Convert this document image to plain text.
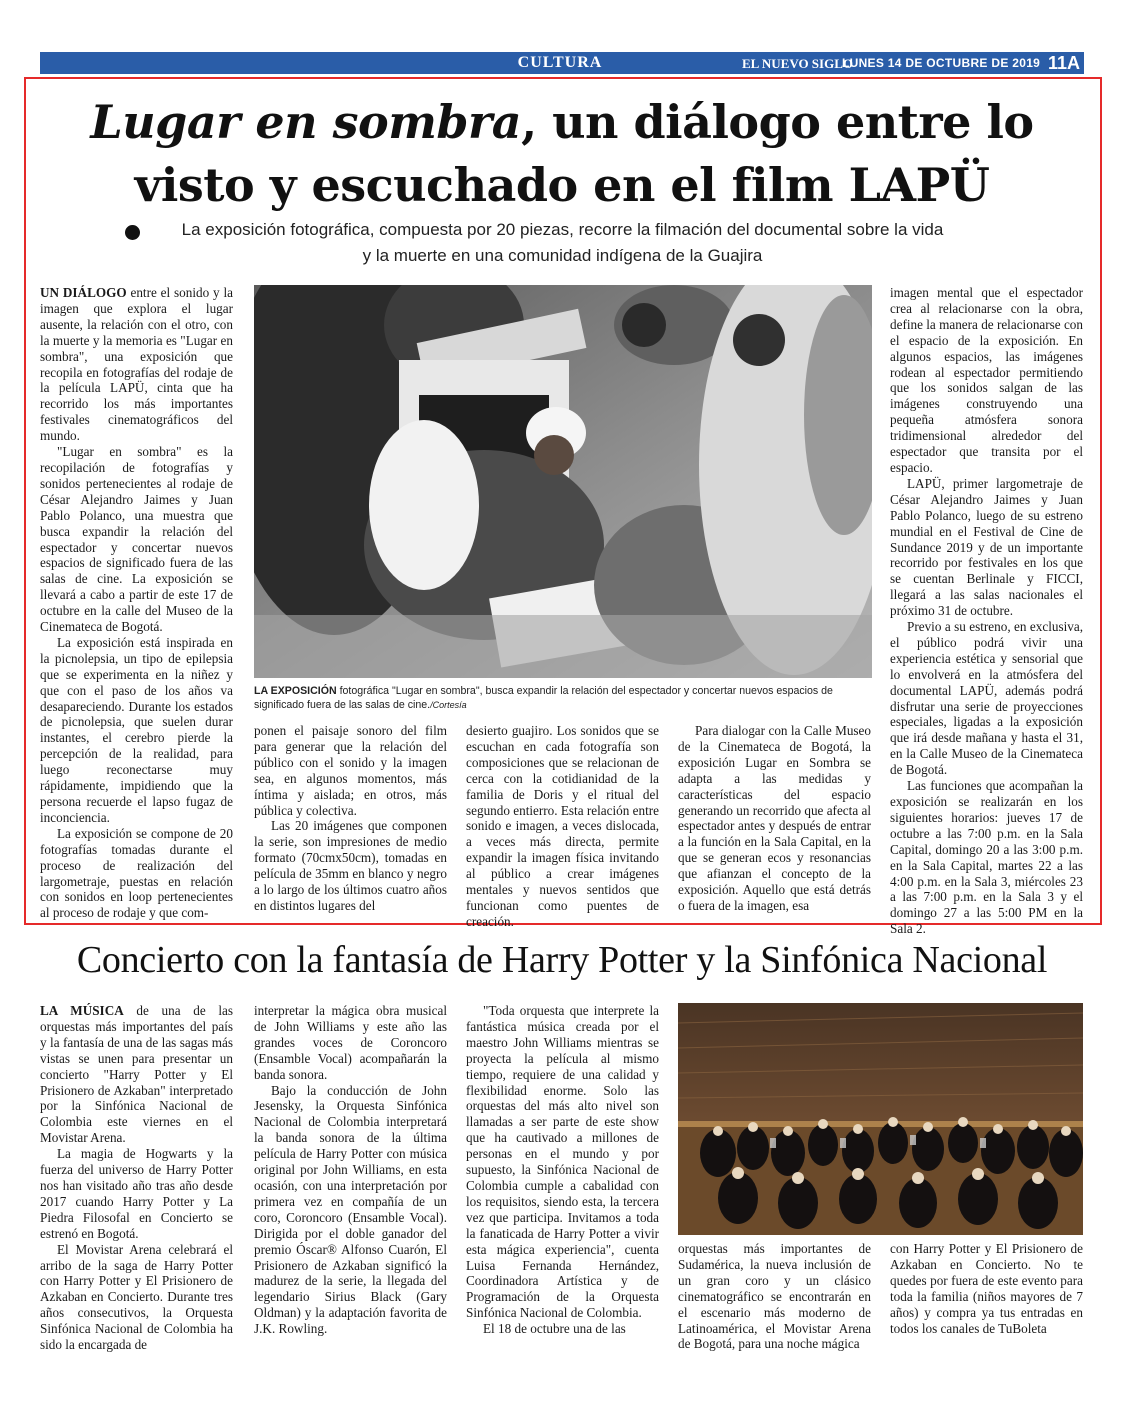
CULTURA	EL NUEVO SIGLO
LUNES 14 DE OCTUBRE DE 2019 11A
Lugar en sombra, un diálogo entre lo
visto y escuchado en el film LAPÜ
La exposición fotográfica, compuesta por 20 piezas, recorre la filmación del documental sobre la vida
y la muerte en una comunidad indígena de la Guajira

UN DIÁLOGO entre el sonido y la imagen que explora el lugar ausente, la relación con el otro, con la muerte y la memoria es "Lugar en sombra", una exposición que recopila en fotografías del rodaje de la película LAPÜ, cinta que ha recorrido los más importantes festivales cinematográficos del mundo.

"Lugar en sombra" es la recopilación de fotografías y sonidos pertenecientes al rodaje de César Alejandro Jaimes y Juan Pablo Polanco, una muestra que busca expandir la relación del espectador y concertar nuevos espacios de significado fuera de las salas de cine. La exposición se llevará a cabo a partir de este 17 de octubre en la calle del Museo de la Cinemateca de Bogotá.

La exposición está inspirada en la picnolepsia, un tipo de epilepsia que se experimenta en la niñez y que con el paso de los años va desapareciendo. Durante los estados de picnolepsia, que suelen durar instantes, el cerebro pierde la percepción de la realidad, para luego reconectarse muy rápidamente, impidiendo que la persona recuerde el lapso fugaz de inconciencia.

La exposición se compone de 20 fotografías tomadas durante el proceso de realización del largometraje, puestas en relación con sonidos en loop pertenecientes al proceso de rodaje y que com-

LA EXPOSICIÓN fotográfica "Lugar en sombra", busca expandir la relación del espectador y concertar nuevos espacios de significado fuera de las salas de cine./Cortesía

ponen el paisaje sonoro del film para generar que la relación del público con el sonido y la imagen sea, en algunos momentos, más íntima y aislada; en otros, más pública y colectiva.

Las 20 imágenes que componen la serie, son impresiones de medio formato (70cmx50cm), tomadas en película de 35mm en blanco y negro a lo largo de los últimos cuatro años en distintos lugares del

desierto guajiro. Los sonidos que se escuchan en cada fotografía son composiciones que se relacionan de cerca con la cotidianidad de la familia de Doris y el ritual del segundo entierro. Esta relación entre sonido e imagen, a veces dislocada, a veces más directa, permite expandir la imagen física invitando al público a crear imágenes mentales y nuevos sentidos que funcionan como puentes de creación.

Para dialogar con la Calle Museo de la Cinemateca de Bogotá, la exposición Lugar en Sombra se adapta a las medidas y características del espacio generando un recorrido que afecta al espectador antes y después de entrar a la función en la Sala Capital, en la que se generan ecos y resonancias que afianzan el concepto de la exposición. Aquello que está detrás o fuera de la imagen, esa

imagen mental que el espectador crea al relacionarse con la obra, define la manera de relacionarse con el espacio de la exposición. En algunos espacios, las imágenes rodean al espectador permitiendo que los sonidos salgan de las imágenes construyendo una pequeña atmósfera sonora tridimensional alrededor del espectador que transita por el espacio.

LAPÜ, primer largometraje de César Alejandro Jaimes y Juan Pablo Polanco, luego de su estreno mundial en el Festival de Cine de Sundance 2019 y de un importante recorrido por festivales en los que se cuentan Berlinale y FICCI, llegará a las salas nacionales el próximo 31 de octubre.

Previo a su estreno, en exclusiva, el público podrá vivir una experiencia estética y sensorial que lo envolverá en la atmósfera del documental LAPÜ, además podrá disfrutar una serie de proyecciones especiales, ligadas a la exposición que irá desde mañana y hasta el 31, en la Calle Museo de la Cinemateca de Bogotá.

Las funciones que acompañan la exposición se realizarán en los siguientes horarios: jueves 17 de octubre a las 7:00 p.m. en la Sala Capital, domingo 20 a las 3:00 p.m. en la Sala Capital, martes 22 a las 4:00 p.m. en la Sala 3, miércoles 23 a las 7:00 p.m. en la Sala 3 y el domingo 27 a las 5:00 PM en la Sala 2.

Concierto con la fantasía de Harry Potter y la Sinfónica Nacional

LA MÚSICA de una de las orquestas más importantes del país y la fantasía de una de las sagas más vistas se unen para presentar un concierto "Harry Potter y El Prisionero de Azkaban" interpretado por la Sinfónica Nacional de Colombia este viernes en el Movistar Arena.

La magia de Hogwarts y la fuerza del universo de Harry Potter nos han visitado año tras año desde 2017 cuando Harry Potter y La Piedra Filosofal en Concierto se estrenó en Bogotá.

El Movistar Arena celebrará el arribo de la saga de Harry Potter con Harry Potter y El Prisionero de Azkaban en Concierto. Durante tres años consecutivos, la Orquesta Sinfónica Nacional de Colombia ha sido la encargada de

interpretar la mágica obra musical de John Williams y este año las grandes voces de Coroncoro (Ensamble Vocal) acompañarán la banda sonora.

Bajo la conducción de John Jesensky, la Orquesta Sinfónica Nacional de Colombia interpretará la banda sonora de la última película de Harry Potter con música original por John Williams, en esta ocasión, con una interpretación por primera vez en compañía de un coro, Coroncoro (Ensamble Vocal). Dirigida por el doble ganador del premio Óscar® Alfonso Cuarón, El Prisionero de Azkaban significó la madurez de la serie, la llegada del legendario Sirius Black (Gary Oldman) y la adaptación favorita de J.K. Rowling.

"Toda orquesta que interprete la fantástica música creada por el maestro John Williams mientras se proyecta la película al mismo tiempo, requiere de una calidad y flexibilidad enorme. Solo las orquestas del más alto nivel son llamadas a ser parte de este show que ha cautivado a millones de personas en el mundo y por supuesto, la Sinfónica Nacional de Colombia cumple a cabalidad con los requisitos, siendo esta, la tercera vez que participa. Invitamos a toda la fanaticada de Harry Potter a vivir esta mágica experiencia", cuenta Luisa Fernanda Hernández, Coordinadora Artística y de Programación de la Orquesta Sinfónica Nacional de Colombia.

El 18 de octubre una de las

orquestas más importantes de Sudamérica, la nueva inclusión de un gran coro y un clásico cinematográfico se encontrarán en el escenario más moderno de Latinoamérica, el Movistar Arena de Bogotá, para una noche mágica

con Harry Potter y El Prisionero de Azkaban en Concierto. No te quedes por fuera de este evento para toda la familia (niños mayores de 7 años) y compra ya tus entradas en todos los canales de TuBoleta
